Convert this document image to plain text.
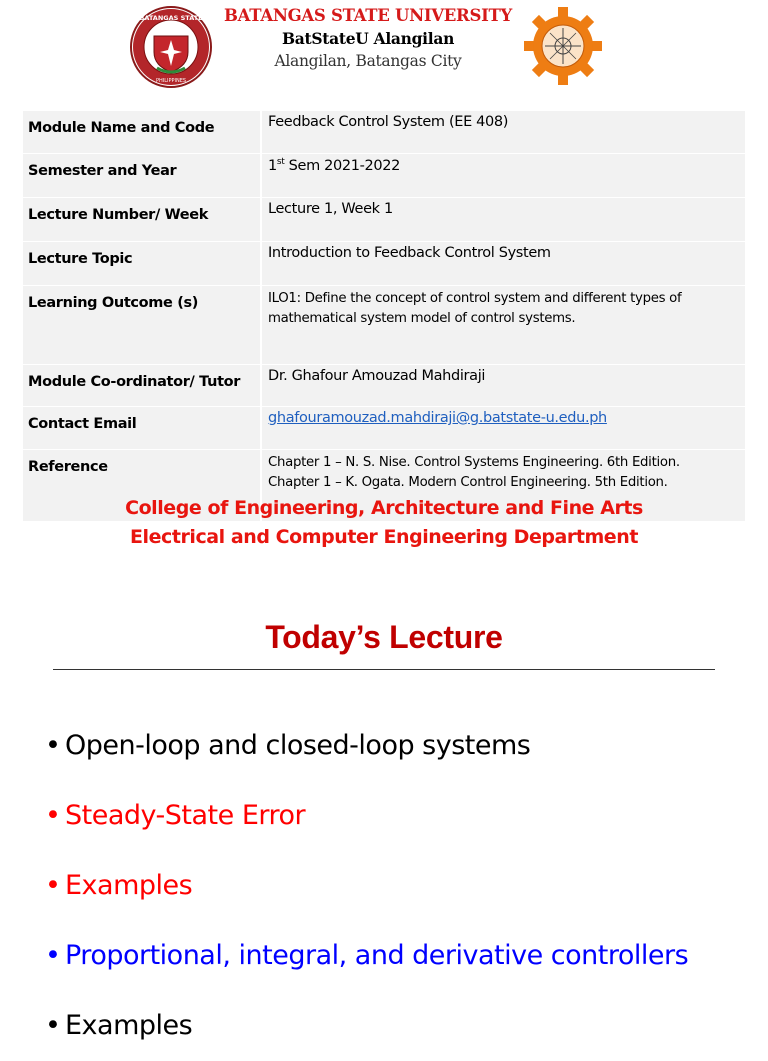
BATANGAS STATE
PHILIPPINES
BATANGAS STATE UNIVERSITY
BatStateU Alangilan
Alangilan, Batangas City
Module Name and Code	Feedback Control System (EE 408)
Semester and Year	1st Sem 2021-2022
Lecture Number/ Week	Lecture 1, Week 1
Lecture Topic	Introduction to Feedback Control System
Learning Outcome (s)	ILO1: Define the concept of control system and different types of mathematical system model of control systems.
Module Co-ordinator/ Tutor	Dr. Ghafour Amouzad Mahdiraji
Contact Email	ghafouramouzad.mahdiraji@g.batstate-u.edu.ph
Reference	Chapter 1 – N. S. Nise. Control Systems Engineering. 6th Edition.
Chapter 1 – K. Ogata. Modern Control Engineering. 5th Edition.
College of Engineering, Architecture and Fine Arts
Electrical and Computer Engineering Department
Today’s Lecture
• Open-loop and closed-loop systems
• Steady-State Error
• Examples
• Proportional, integral, and derivative controllers
• Examples
